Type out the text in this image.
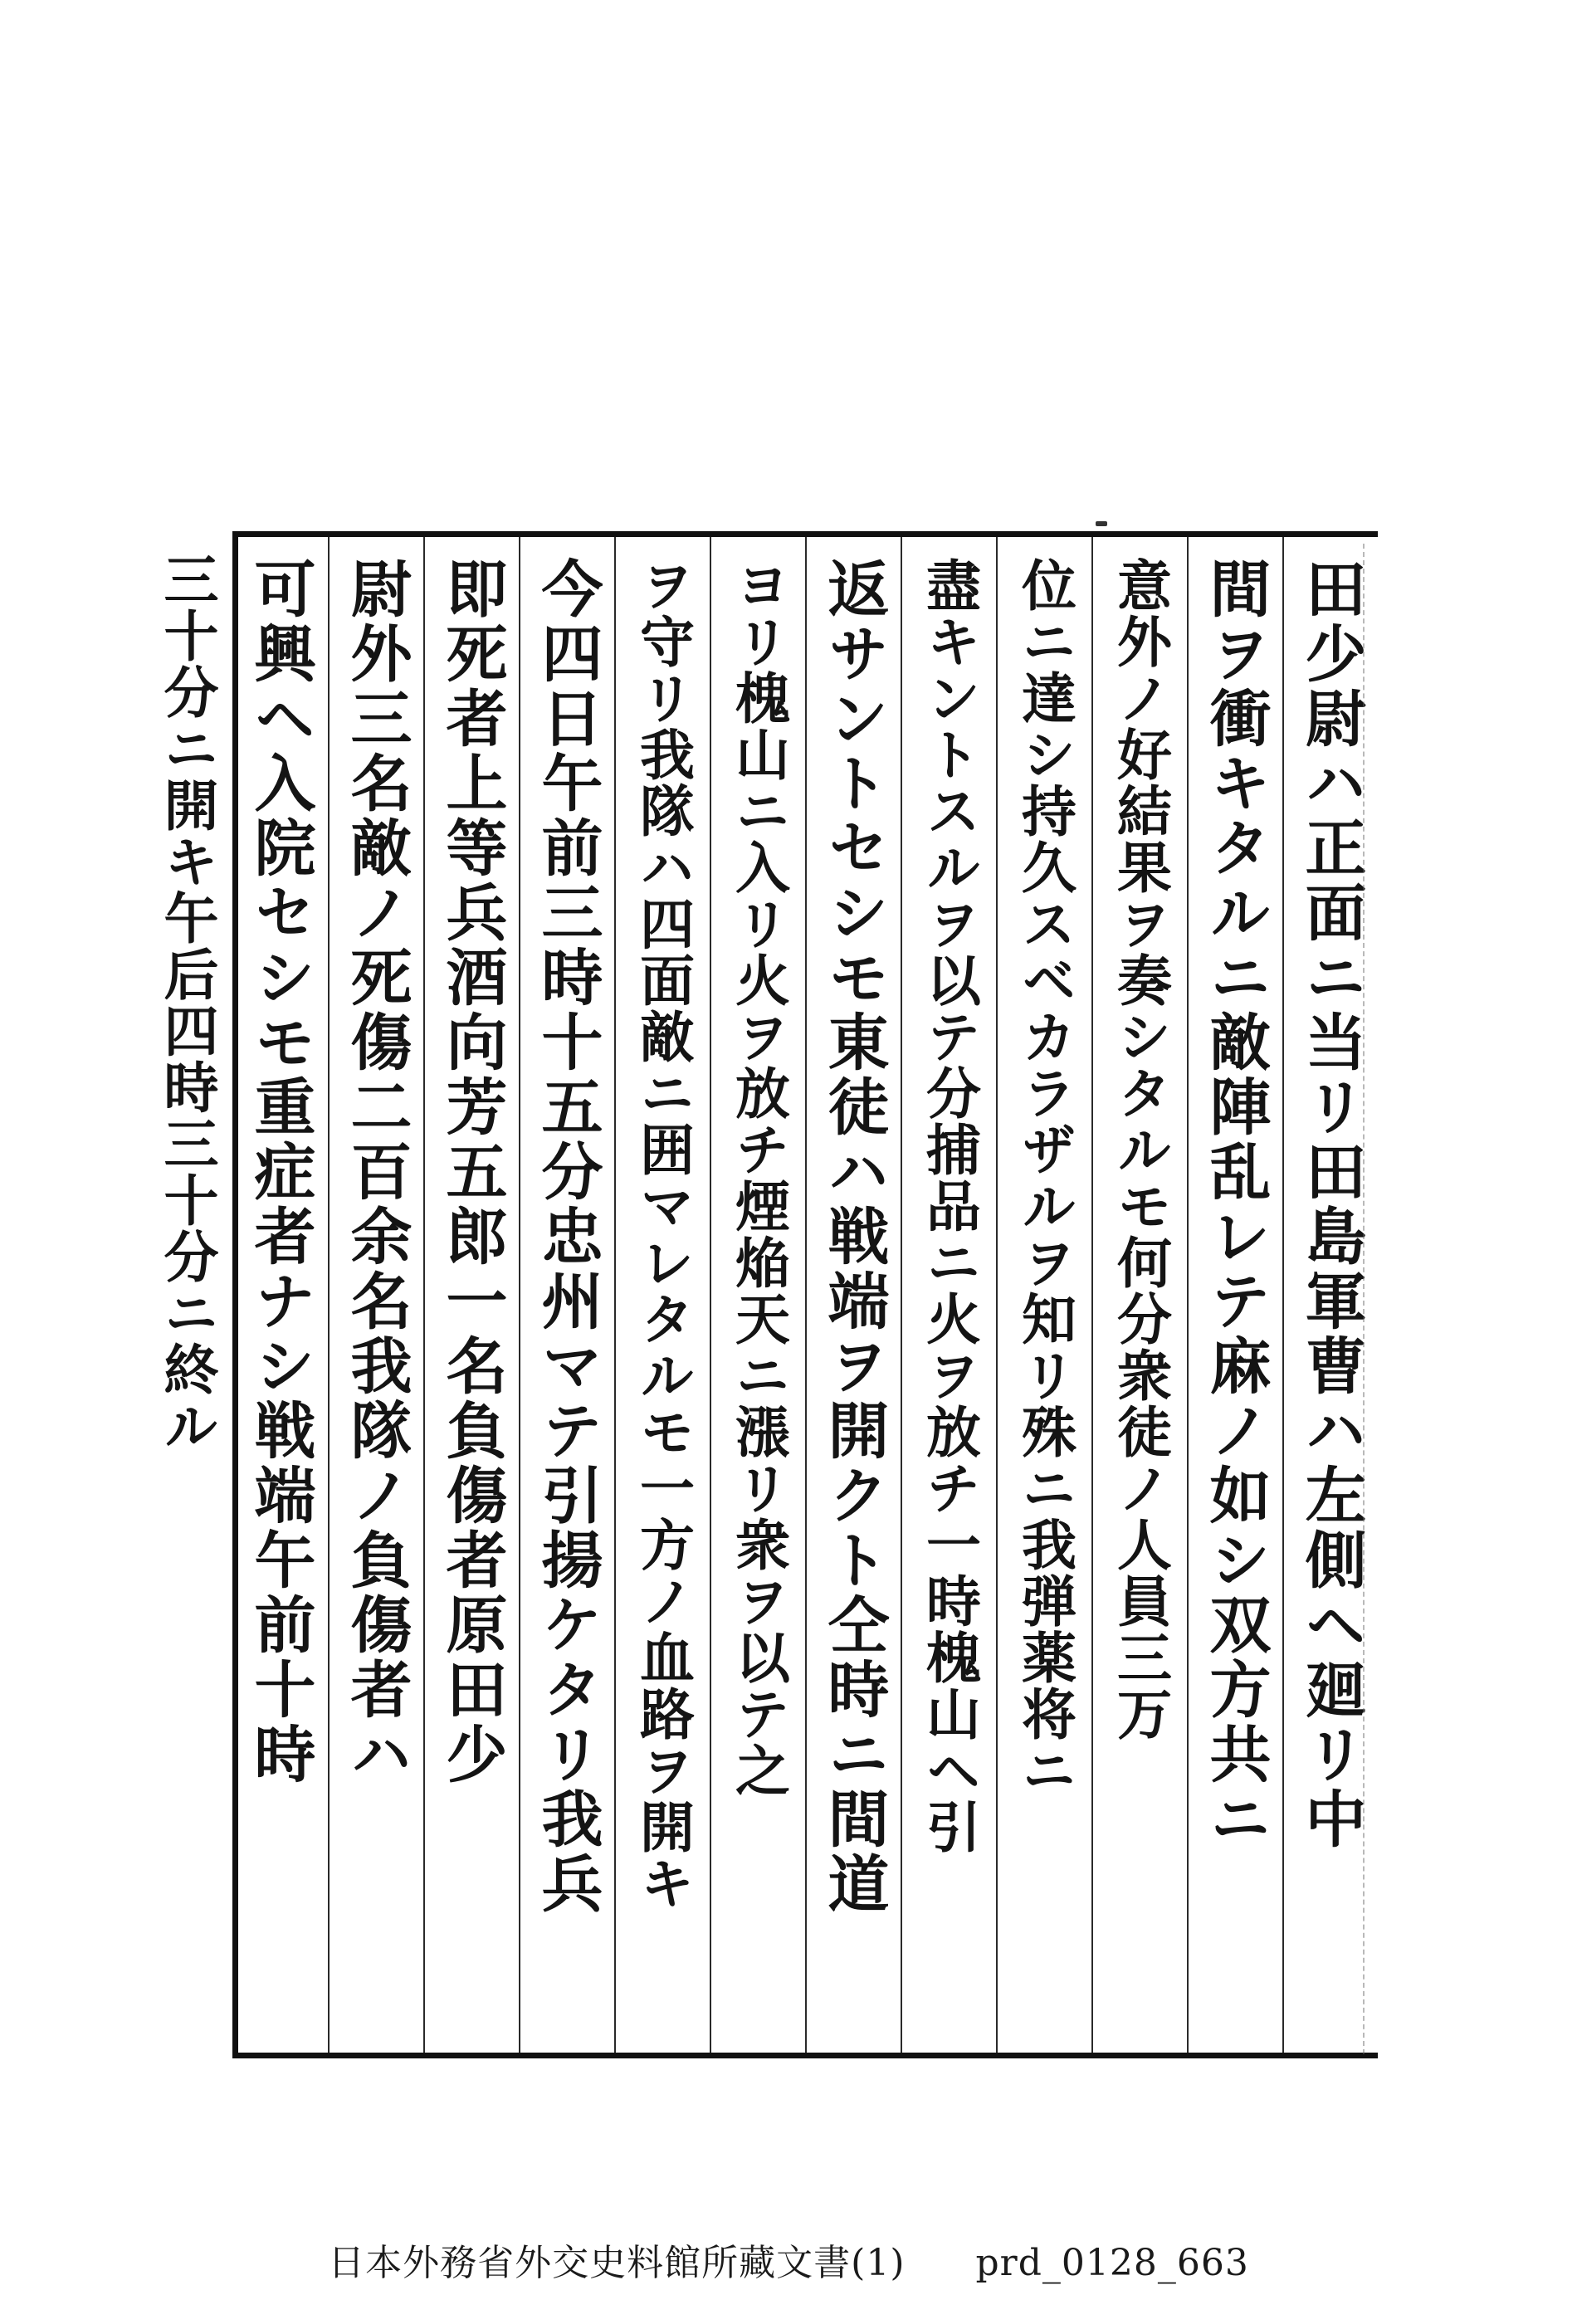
田少尉ハ正面ニ当リ田島軍曹ハ左側ヘ廻リ中
間ヲ衝キタルニ敵陣乱レテ麻ノ如シ双方共ニ
意外ノ好結果ヲ奏シタルモ何分衆徒ノ人員三万
位ニ達シ持久スベカラザルヲ知リ殊ニ我弾薬将ニ
盡キントスルヲ以テ分捕品ニ火ヲ放チ一時槐山ヘ引
返サントセシモ東徒ハ戦端ヲ開クト仝時ニ間道
ヨリ槐山ニ入リ火ヲ放チ煙焔天ニ漲リ衆ヲ以テ之
ヲ守リ我隊ハ四面敵ニ囲マレタルモ一方ノ血路ヲ開キ
今四日午前三時十五分忠州マテ引揚ケタリ我兵
即死者上等兵酒向芳五郎一名負傷者原田少
尉外三名敵ノ死傷二百余名我隊ノ負傷者ハ
可興ヘ入院セシモ重症者ナシ戦端午前十時
三十分ニ開キ午后四時三十分ニ終ル
日本外務省外交史料館所藏文書(1) prd_0128_663
